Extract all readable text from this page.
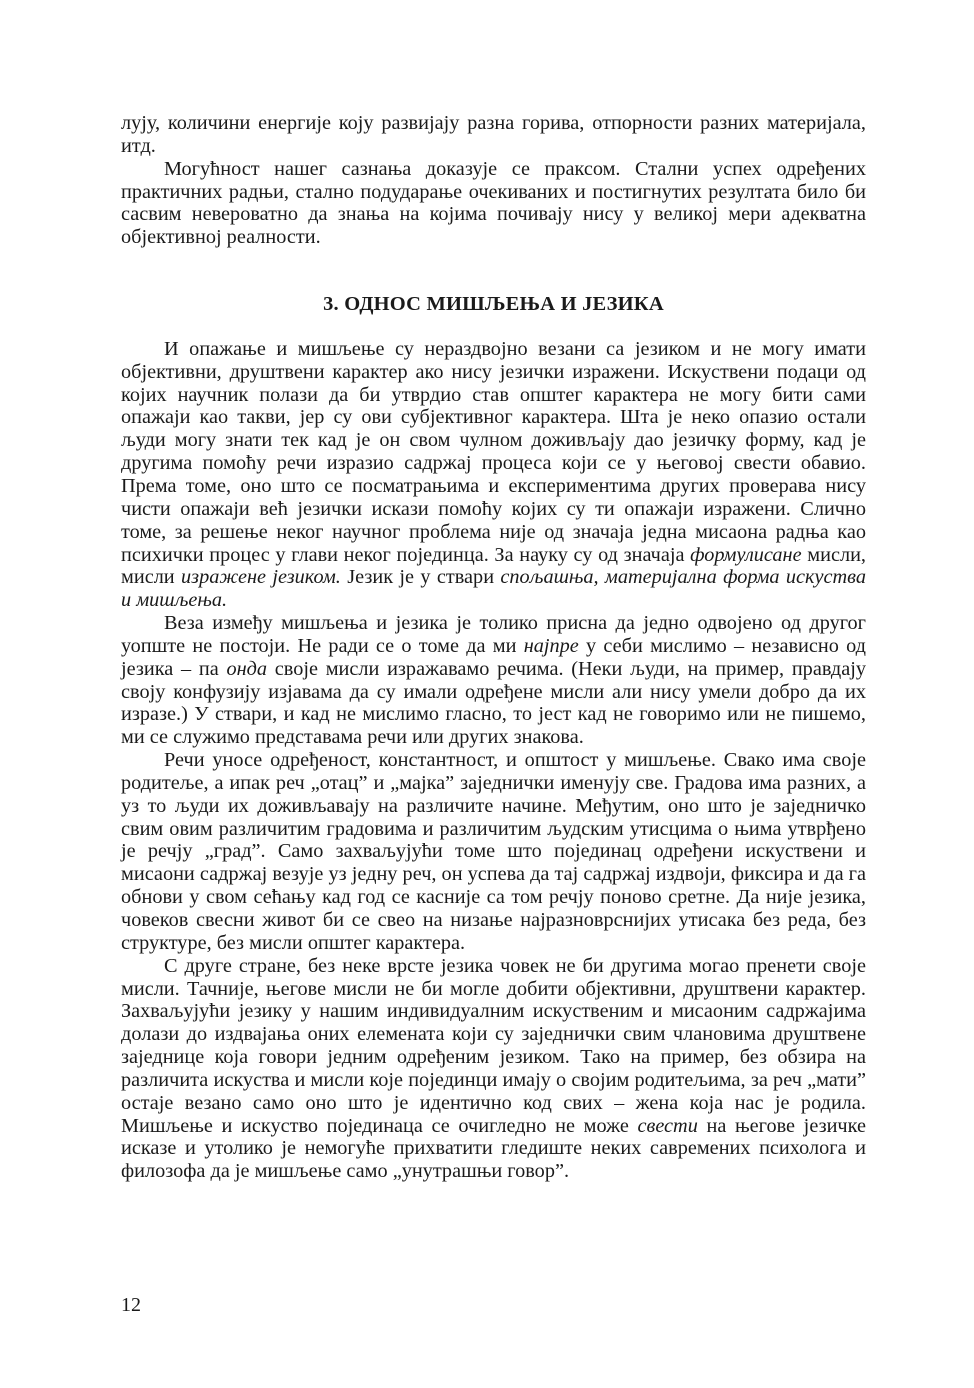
лују, количини енергије коју развијају разна горива, отпорности разних материјала, итд.

Могућност нашег сазнања доказује се праксом. Стални успех одређених практичних радњи, стално подударање очекиваних и постигнутих резултата било би сасвим невероватно да знања на којима почивају нису у великој мери адекватна објективној реалности.

3. ОДНОС МИШЉЕЊА И ЈЕЗИКА

И опажање и мишљење су нераздвојно везани са језиком и не могу имати објективни, друштвени карактер ако нису језички изражени. Искуствени подаци од којих научник полази да би утврдио став општег карактера не могу бити сами опажаји као такви, јер су ови субјективног карактера. Шта је неко опазио остали људи могу знати тек кад је он свом чулном доживљају дао језичку форму, кад је другима помоћу речи изразио садржај процеса који се у његовој свести обавио. Према томе, оно што се посматрањима и експериментима других проверава нису чисти опажаји већ језички искази помоћу којих су ти опажаји изражени. Слично томе, за решење неког научног проблема није од значаја једна мисаона радња као психички процес у глави неког појединца. За науку су од значаја формулисане мисли, мисли изражене језиком. Језик је у ствари спољашња, материјална форма искуства и мишљења.

Веза између мишљења и језика је толико присна да једно одвојено од другог уопште не постоји. Не ради се о томе да ми најпре у себи мислимо – независно од језика – па онда своје мисли изражавамо речима. (Неки људи, на пример, правдају своју конфузију изјавама да су имали одређене мисли али нису умели добро да их изразе.) У ствари, и кад не мислимо гласно, то јест кад не говоримо или не пишемо, ми се служимо представама речи или других знакова.

Речи уносе одређеност, константност, и општост у мишљење. Свако има своје родитеље, а ипак реч „отац” и „мајка” заједнички именују све. Градова има разних, а уз то људи их доживљавају на различите начине. Међутим, оно што је заједничко свим овим различитим градовима и различитим људским утисцима о њима утврђено је речју „град”. Само захваљујући томе што појединац одређени искуствени и мисаони садржај везује уз једну реч, он успева да тај садржај издвоји, фиксира и да га обнови у свом сећању кад год се касније са том речју поново сретне. Да није језика, човеков свесни живот би се свео на низање најразноврснијих утисака без реда, без структуре, без мисли општег карактера.

С друге стране, без неке врсте језика човек не би другима могао пренети своје мисли. Тачније, његове мисли не би могле добити објективни, друштвени карактер. Захваљујући језику у нашим индивидуалним искуственим и мисаоним садржајима долази до издвајања оних елемената који су заједнички свим члановима друштвене заједнице која говори једним одређеним језиком. Тако на пример, без обзира на различита искуства и мисли које појединци имају о својим родитељима, за реч „мати” остаје везано само оно што је идентично код свих – жена која нас је родила. Мишљење и искуство појединаца се очигледно не може свести на његове језичке исказе и утолико је немогуће прихватити гледиште неких савремених психолога и филозофа да је мишљење само „унутрашњи говор”.

12
